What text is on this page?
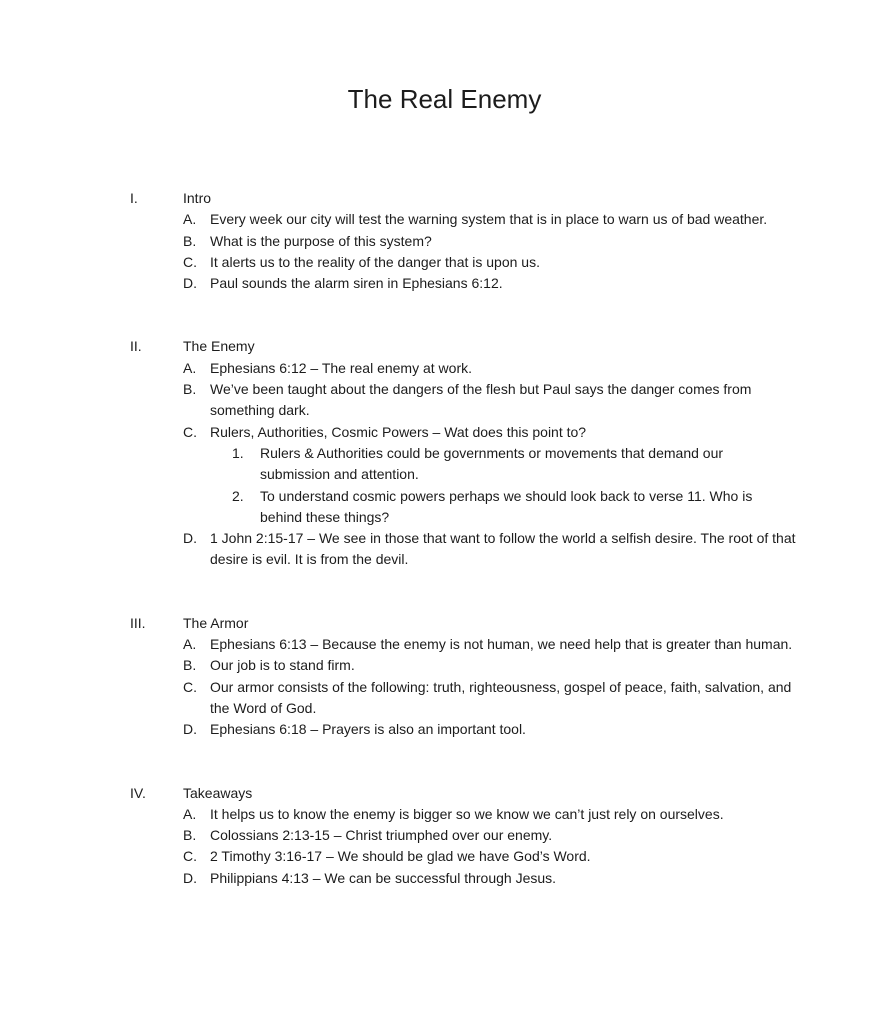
The Real Enemy
I.	Intro
A. Every week our city will test the warning system that is in place to warn us of bad weather.
B. What is the purpose of this system?
C. It alerts us to the reality of the danger that is upon us.
D. Paul sounds the alarm siren in Ephesians 6:12.
II.	The Enemy
A. Ephesians 6:12 – The real enemy at work.
B. We’ve been taught about the dangers of the flesh but Paul says the danger comes from something dark.
C. Rulers, Authorities, Cosmic Powers – Wat does this point to?
1.	Rulers & Authorities could be governments or movements that demand our submission and attention.
2.	To understand cosmic powers perhaps we should look back to verse 11. Who is behind these things?
D. 1 John 2:15-17 – We see in those that want to follow the world a selfish desire. The root of that desire is evil. It is from the devil.
III.	The Armor
A. Ephesians 6:13 – Because the enemy is not human, we need help that is greater than human.
B. Our job is to stand firm.
C. Our armor consists of the following: truth, righteousness, gospel of peace, faith, salvation, and the Word of God.
D. Ephesians 6:18 – Prayers is also an important tool.
IV.	Takeaways
A. It helps us to know the enemy is bigger so we know we can’t just rely on ourselves.
B. Colossians 2:13-15 – Christ triumphed over our enemy.
C. 2 Timothy 3:16-17 – We should be glad we have God’s Word.
D. Philippians 4:13 – We can be successful through Jesus.
